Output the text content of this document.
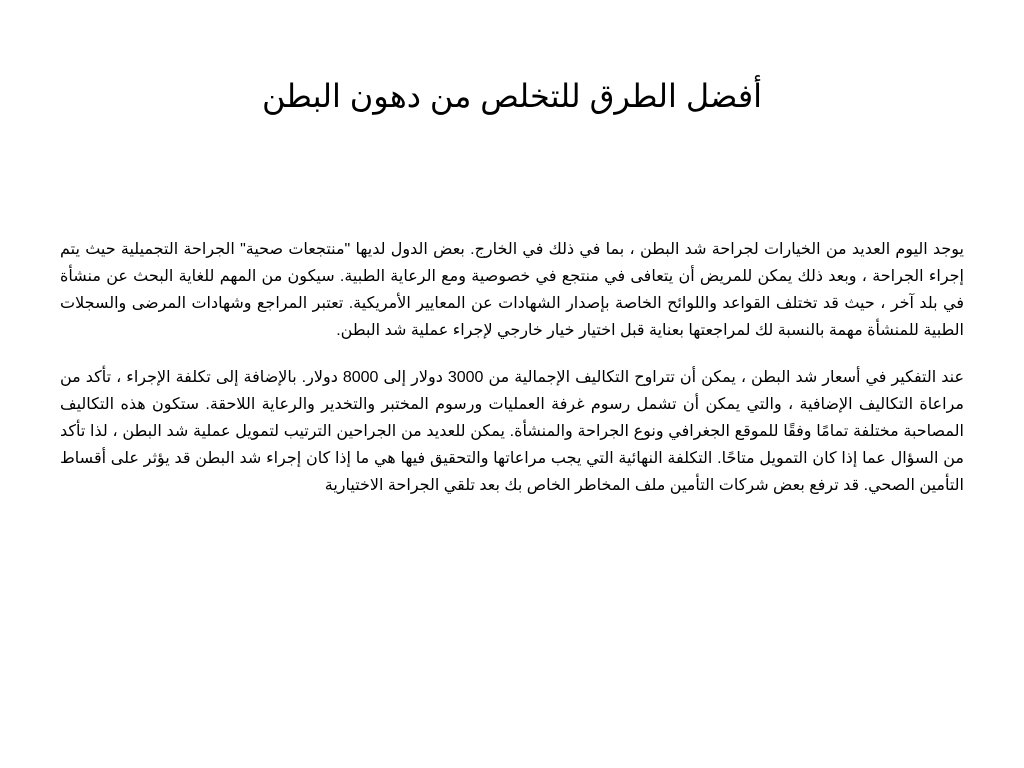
أفضل الطرق للتخلص من دهون البطن

يوجد اليوم العديد من الخيارات لجراحة شد البطن ، بما في ذلك في الخارج. بعض الدول لديها "منتجعات صحية" الجراحة التجميلية حيث يتم إجراء الجراحة ، وبعد ذلك يمكن للمريض أن يتعافى في منتجع في خصوصية ومع الرعاية الطبية. سيكون من المهم للغاية البحث عن منشأة في بلد آخر ، حيث قد تختلف القواعد واللوائح الخاصة بإصدار الشهادات عن المعايير الأمريكية. تعتبر المراجع وشهادات المرضى والسجلات الطبية للمنشأة مهمة بالنسبة لك لمراجعتها بعناية قبل اختيار خيار خارجي لإجراء عملية شد البطن.

عند التفكير في أسعار شد البطن ، يمكن أن تتراوح التكاليف الإجمالية من 3000 دولار إلى 8000 دولار. بالإضافة إلى تكلفة الإجراء ، تأكد من مراعاة التكاليف الإضافية ، والتي يمكن أن تشمل رسوم غرفة العمليات ورسوم المختبر والتخدير والرعاية اللاحقة. ستكون هذه التكاليف المصاحبة مختلفة تمامًا وفقًا للموقع الجغرافي ونوع الجراحة والمنشأة. يمكن للعديد من الجراحين الترتيب لتمويل عملية شد البطن ، لذا تأكد من السؤال عما إذا كان التمويل متاحًا. التكلفة النهائية التي يجب مراعاتها والتحقيق فيها هي ما إذا كان إجراء شد البطن قد يؤثر على أقساط التأمين الصحي. قد ترفع بعض شركات التأمين ملف المخاطر الخاص بك بعد تلقي الجراحة الاختيارية
